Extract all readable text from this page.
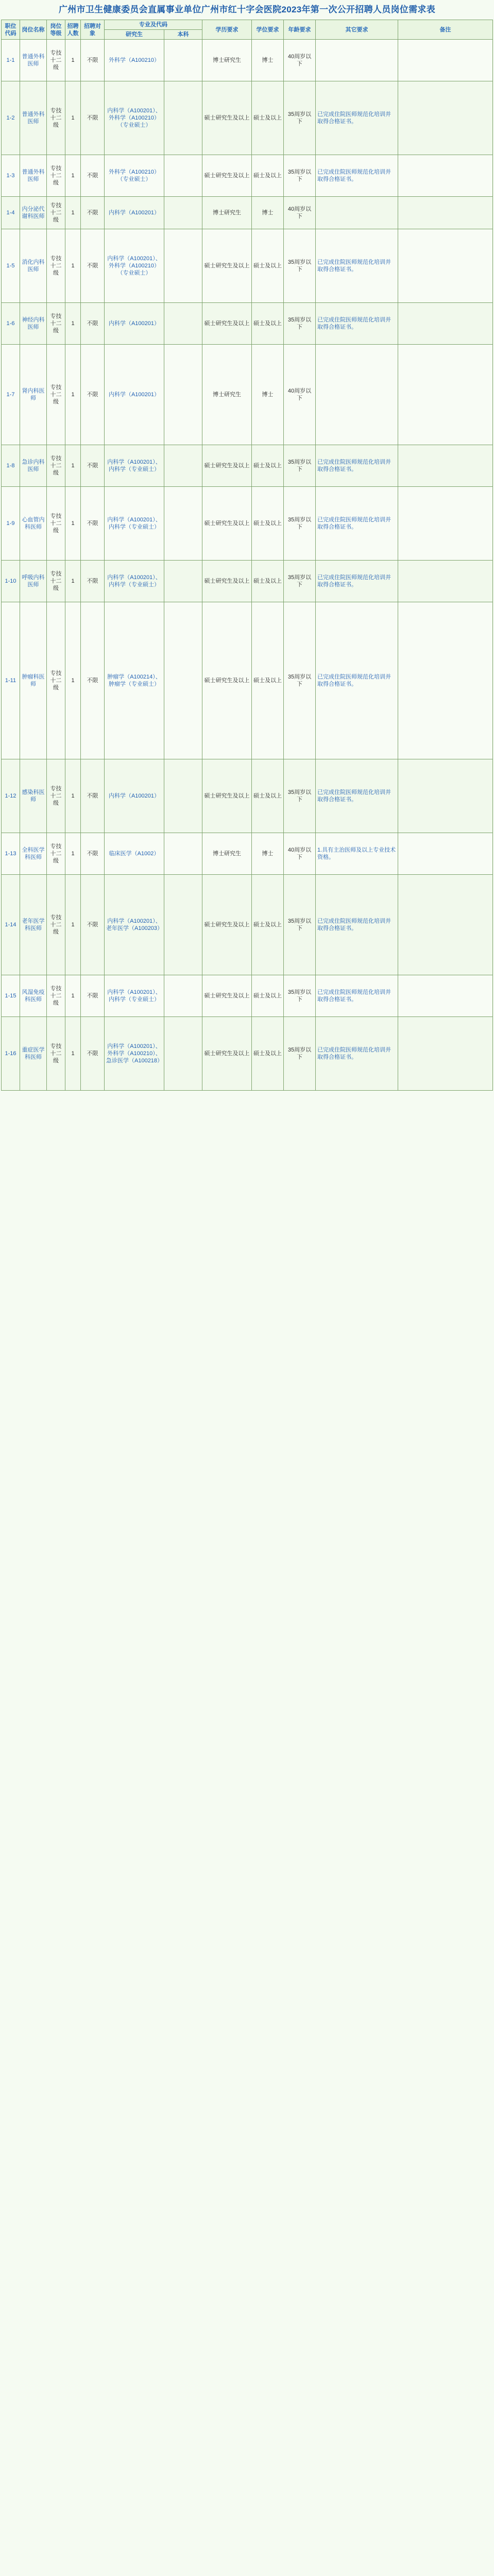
广州市卫生健康委员会直属事业单位广州市红十字会医院2023年第一次公开招聘人员岗位需求表
职位代码	岗位名称	岗位等级	招聘人数	招聘对象	专业及代码		学历要求	学位要求	年龄要求	其它要求	备注
					研究生	本科					
1-1	普通外科医师	专技十二级	1	不限	外科学（A100210）		博士研究生	博士	40周岁以下		
1-2	普通外科医师	专技十二级	1	不限	内科学（A100201）、外科学（A100210）（专业硕士）		硕士研究生及以上	硕士及以上	35周岁以下	已完成住院医师规范化培训并取得合格证书。	
1-3	普通外科医师	专技十二级	1	不限	外科学（A100210）（专业硕士）		硕士研究生及以上	硕士及以上	35周岁以下	已完成住院医师规范化培训并取得合格证书。	
1-4	内分泌代谢科医师	专技十二级	1	不限	内科学（A100201）		博士研究生	博士	40周岁以下		
1-5	消化内科医师	专技十二级	1	不限	内科学（A100201）、外科学（A100210）（专业硕士）		硕士研究生及以上	硕士及以上	35周岁以下	已完成住院医师规范化培训并取得合格证书。	
1-6	神经内科医师	专技十二级	1	不限	内科学（A100201）		硕士研究生及以上	硕士及以上	35周岁以下	已完成住院医师规范化培训并取得合格证书。	
1-7	肾内科医师	专技十二级	1	不限	内科学（A100201）		博士研究生	博士	40周岁以下		
1-8	急诊内科医师	专技十二级	1	不限	内科学（A100201）、内科学（专业硕士）		硕士研究生及以上	硕士及以上	35周岁以下	已完成住院医师规范化培训并取得合格证书。	
1-9	心血管内科医师	专技十二级	1	不限	内科学（A100201）、内科学（专业硕士）		硕士研究生及以上	硕士及以上	35周岁以下	已完成住院医师规范化培训并取得合格证书。	
1-10	呼吸内科医师	专技十二级	1	不限	内科学（A100201）、内科学（专业硕士）		硕士研究生及以上	硕士及以上	35周岁以下	已完成住院医师规范化培训并取得合格证书。	
1-11	肿瘤科医师	专技十二级	1	不限	肿瘤学（A100214）、肿瘤学（专业硕士）		硕士研究生及以上	硕士及以上	35周岁以下	已完成住院医师规范化培训并取得合格证书。	
1-12	感染科医师	专技十二级	1	不限	内科学（A100201）		硕士研究生及以上	硕士及以上	35周岁以下	已完成住院医师规范化培训并取得合格证书。	
1-13	全科医学科医师	专技十二级	1	不限	临床医学（A1002）		博士研究生	博士	40周岁以下	1.具有主治医师及以上专业技术资格。	
1-14	老年医学科医师	专技十二级	1	不限	内科学（A100201）、老年医学（A100203）		硕士研究生及以上	硕士及以上	35周岁以下	已完成住院医师规范化培训并取得合格证书。	
1-15	风湿免疫科医师	专技十二级	1	不限	内科学（A100201）、内科学（专业硕士）		硕士研究生及以上	硕士及以上	35周岁以下	已完成住院医师规范化培训并取得合格证书。	
1-16	重症医学科医师	专技十二级	1	不限	内科学（A100201）、外科学（A100210）、急诊医学（A100218）		硕士研究生及以上	硕士及以上	35周岁以下	已完成住院医师规范化培训并取得合格证书。	
